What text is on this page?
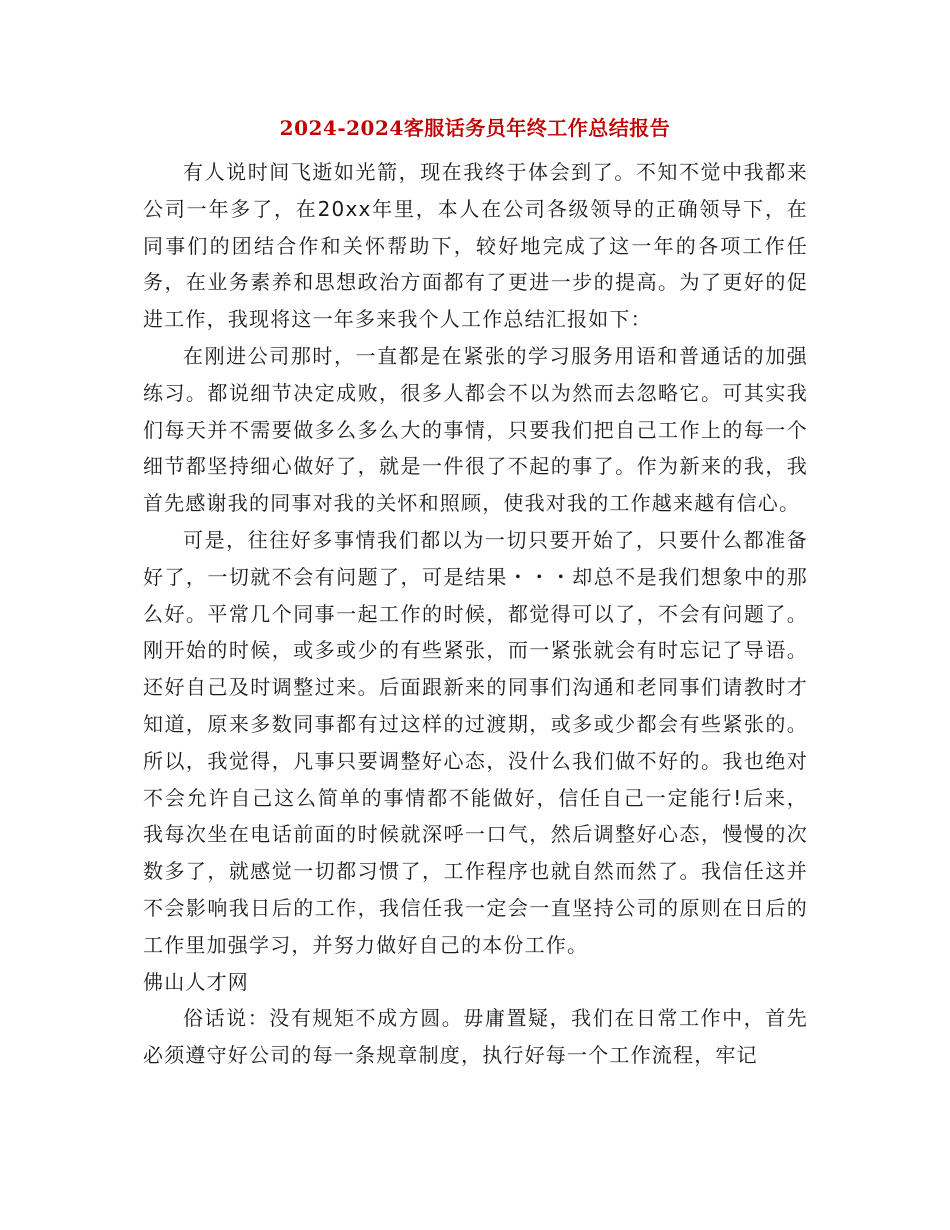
2024-2024客服话务员年终工作总结报告

有人说时间飞逝如光箭，现在我终于体会到了。不知不觉中我都来公司一年多了，在20xx年里，本人在公司各级领导的正确领导下，在同事们的团结合作和关怀帮助下，较好地完成了这一年的各项工作任务，在业务素养和思想政治方面都有了更进一步的提高。为了更好的促进工作，我现将这一年多来我个人工作总结汇报如下：

在刚进公司那时，一直都是在紧张的学习服务用语和普通话的加强练习。都说细节决定成败，很多人都会不以为然而去忽略它。可其实我们每天并不需要做多么多么大的事情，只要我们把自己工作上的每一个细节都坚持细心做好了，就是一件很了不起的事了。作为新来的我，我首先感谢我的同事对我的关怀和照顾，使我对我的工作越来越有信心。

可是，往往好多事情我们都以为一切只要开始了，只要什么都准备好了，一切就不会有问题了，可是结果・・・却总不是我们想象中的那么好。平常几个同事一起工作的时候，都觉得可以了，不会有问题了。刚开始的时候，或多或少的有些紧张，而一紧张就会有时忘记了导语。还好自己及时调整过来。后面跟新来的同事们沟通和老同事们请教时才知道，原来多数同事都有过这样的过渡期，或多或少都会有些紧张的。所以，我觉得，凡事只要调整好心态，没什么我们做不好的。我也绝对不会允许自己这么简单的事情都不能做好，信任自己一定能行!后来，我每次坐在电话前面的时候就深呼一口气，然后调整好心态，慢慢的次数多了，就感觉一切都习惯了，工作程序也就自然而然了。我信任这并不会影响我日后的工作，我信任我一定会一直坚持公司的原则在日后的工作里加强学习，并努力做好自己的本份工作。

佛山人才网

俗话说：没有规矩不成方圆。毋庸置疑，我们在日常工作中，首先必须遵守好公司的每一条规章制度，执行好每一个工作流程，牢记
